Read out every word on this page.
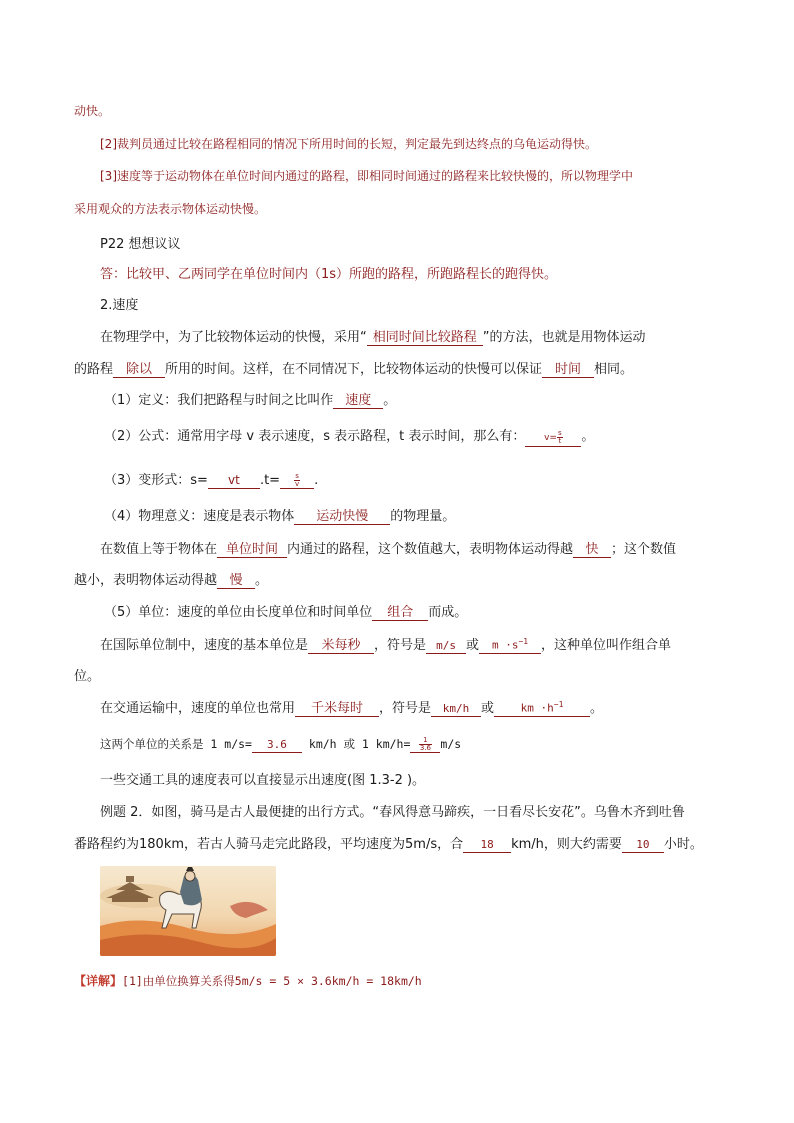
动快。
[2]裁判员通过比较在路程相同的情况下所用时间的长短，判定最先到达终点的乌龟运动得快。
[3]速度等于运动物体在单位时间内通过的路程，即相同时间通过的路程来比较快慢的，所以物理学中
采用观众的方法表示物体运动快慢。
P22 想想议议
答：比较甲、乙两同学在单位时间内（1s）所跑的路程，所跑路程长的跑得快。
2.速度
在物理学中，为了比较物体运动的快慢，采用“ 相同时间比较路程 ”的方法，也就是用物体运动
的路程 除以 所用的时间。这样，在不同情况下，比较物体运动的快慢可以保证 时间 相同。
（1）定义：我们把路程与时间之比叫作 速度 。
（2）公式：通常用字母 v 表示速度，s 表示路程，t 表示时间，那么有： $v= \frac{s}{t}$ 。
（3）变形式：s= vt $.t= \frac{s}{v}$ .
（4）物理意义：速度是表示物体 运动快慢 的物理量。
在数值上等于物体在 单位时间 内通过的路程，这个数值越大，表明物体运动得越 快 ；这个数值
越小，表明物体运动得越 慢 。
（5）单位：速度的单位由长度单位和时间单位 组合 而成。
在国际单位制中，速度的基本单位是 米每秒 ，符号是 m/s 或 $m \cdot s^{-1}$ ，这种单位叫作组合单
位。
在交通运输中，速度的单位也常用 千米每时 ，符号是 km/h 或 km $\cdot h^{-1}$ 。
这两个单位的关系是 1 m/s= 3.6 km/h 或 1 $km/h= \frac{1}{3.6} m/s$
一些交通工具的速度表可以直接显示出速度(图 1.3-2 )。
例题 2．如图，骑马是古人最便捷的出行方式。“春风得意马蹄疾，一日看尽长安花”。乌鲁木齐到吐鲁
番路程约为180km，若古人骑马走完此路段，平均速度为5m/s，合 18 km/h，则大约需要 10 小时。
【详解】[1]由单位换算关系得5m/s = 5 × 3.6km/h = 18km/h
